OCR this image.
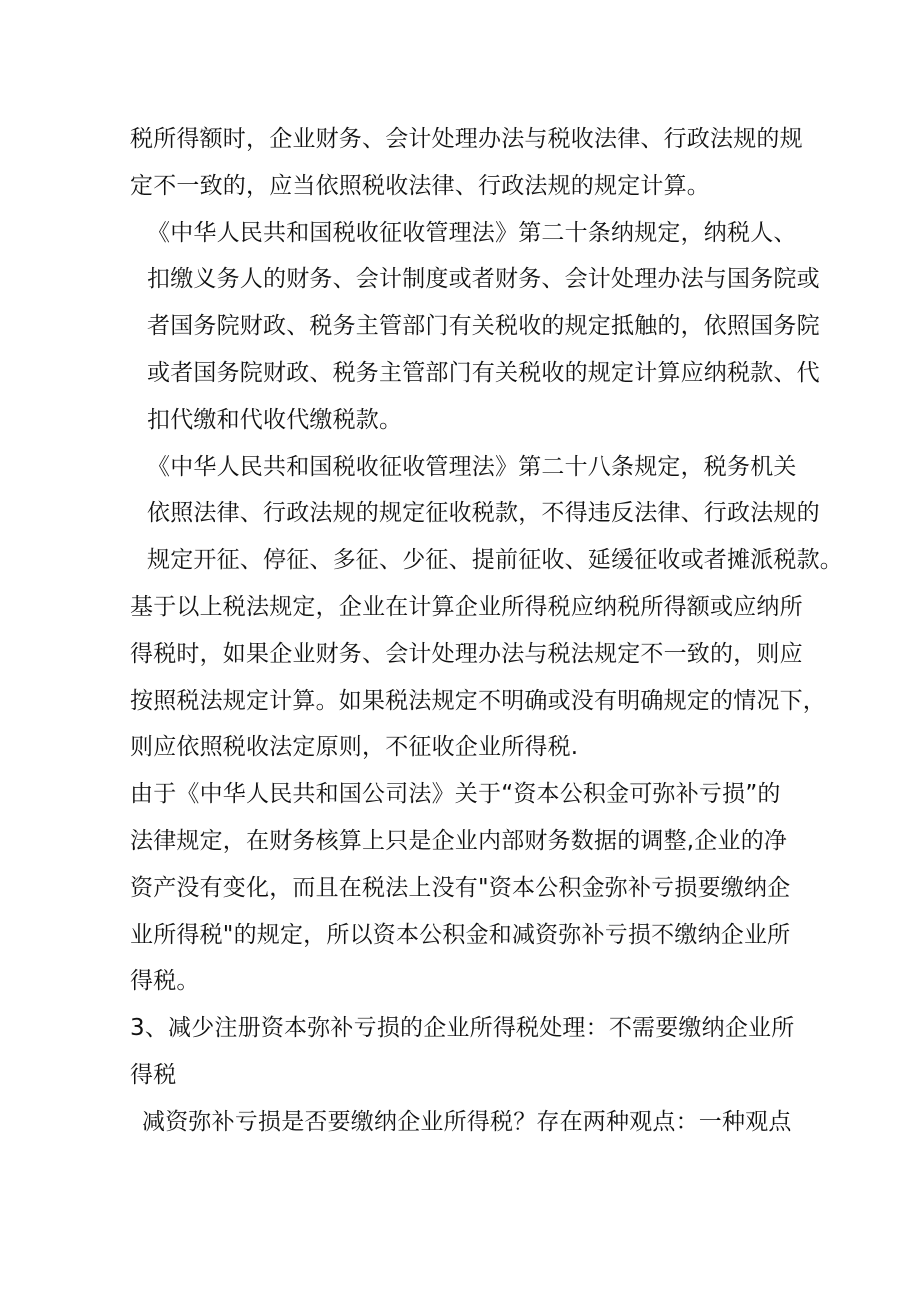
税所得额时，企业财务、会计处理办法与税收法律、行政法规的规
定不一致的，应当依照税收法律、行政法规的规定计算。

《中华人民共和国税收征收管理法》第二十条纳规定，纳税人、
扣缴义务人的财务、会计制度或者财务、会计处理办法与国务院或
者国务院财政、税务主管部门有关税收的规定抵触的，依照国务院
或者国务院财政、税务主管部门有关税收的规定计算应纳税款、代
扣代缴和代收代缴税款。

《中华人民共和国税收征收管理法》第二十八条规定，税务机关
依照法律、行政法规的规定征收税款，不得违反法律、行政法规的
规定开征、停征、多征、少征、提前征收、延缓征收或者摊派税款。

基于以上税法规定，企业在计算企业所得税应纳税所得额或应纳所
得税时，如果企业财务、会计处理办法与税法规定不一致的，则应
按照税法规定计算。如果税法规定不明确或没有明确规定的情况下，
则应依照税收法定原则，不征收企业所得税.

由于《中华人民共和国公司法》关于“资本公积金可弥补亏损”的
法律规定，在财务核算上只是企业内部财务数据的调整,企业的净
资产没有变化，而且在税法上没有"资本公积金弥补亏损要缴纳企
业所得税"的规定，所以资本公积金和减资弥补亏损不缴纳企业所
得税。

3、减少注册资本弥补亏损的企业所得税处理：不需要缴纳企业所
得税

减资弥补亏损是否要缴纳企业所得税？存在两种观点：一种观点
